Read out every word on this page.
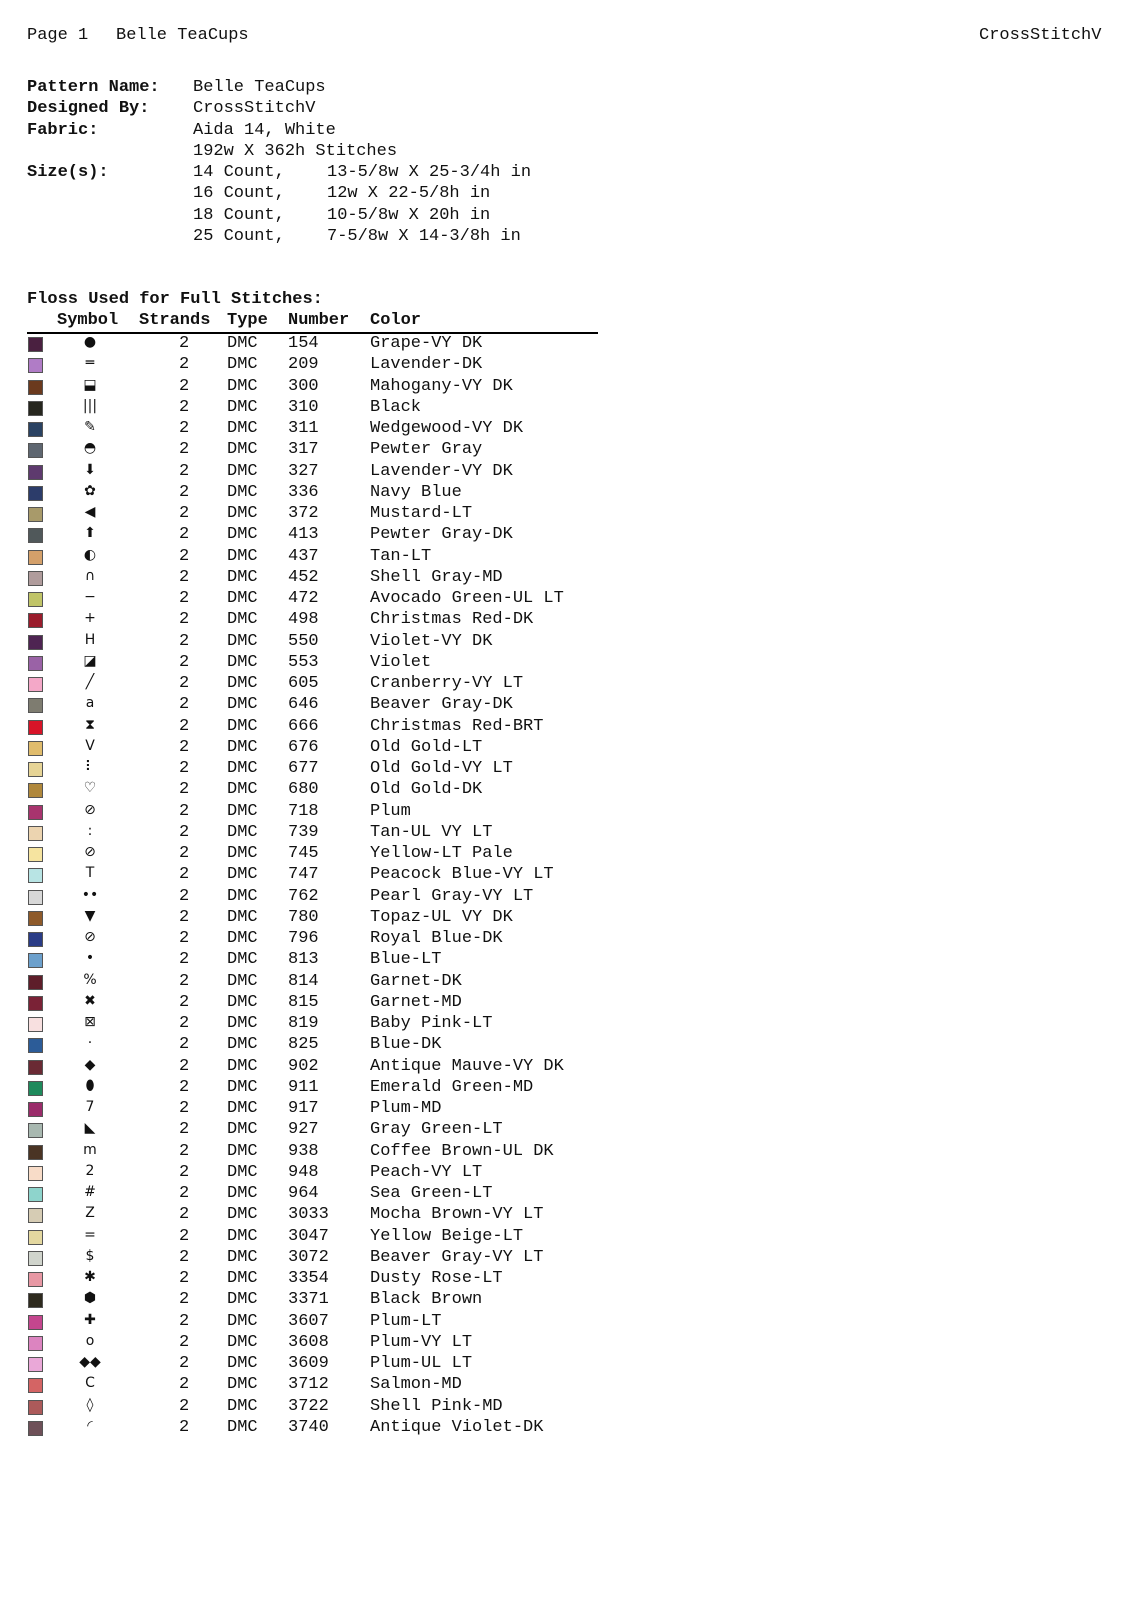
Page 1 Belle TeaCups	CrossStitchV
Pattern Name:	Belle TeaCups
Designed By:	CrossStitchV
Fabric:	Aida 14, White
192w X 362h Stitches
Size(s):	14 Count, 13-5/8w X 25-3/4h in
16 Count, 12w X 22-5/8h in
18 Count, 10-5/8w X 20h in
25 Count, 7-5/8w X 14-3/8h in
Floss Used for Full Stitches:
Symbol Strands Type Number Color
●	2 DMC 154	Grape-VY DK
═	2 DMC 209	Lavender-DK
⬓	2 DMC 300	Mahogany-VY DK
|||	2 DMC 310	Black
✎	2 DMC 311	Wedgewood-VY DK
◓	2 DMC 317	Pewter Gray
⬇	2 DMC 327	Lavender-VY DK
✿	2 DMC 336	Navy Blue
◀	2 DMC 372	Mustard-LT
⬆	2 DMC 413	Pewter Gray-DK
◐	2 DMC 437	Tan-LT
∩	2 DMC 452	Shell Gray-MD
−	2 DMC 472	Avocado Green-UL LT
+	2 DMC 498	Christmas Red-DK
H	2 DMC 550	Violet-VY DK
◪	2 DMC 553	Violet
╱	2 DMC 605	Cranberry-VY LT
a	2 DMC 646	Beaver Gray-DK
⧗	2 DMC 666	Christmas Red-BRT
V	2 DMC 676	Old Gold-LT
⠇	2 DMC 677	Old Gold-VY LT
♡	2 DMC 680	Old Gold-DK
⊘	2 DMC 718	Plum
:	2 DMC 739	Tan-UL VY LT
⊘	2 DMC 745	Yellow-LT Pale
T	2 DMC 747	Peacock Blue-VY LT
••	2 DMC 762	Pearl Gray-VY LT
▼	2 DMC 780	Topaz-UL VY DK
⊘	2 DMC 796	Royal Blue-DK
•	2 DMC 813	Blue-LT
%	2 DMC 814	Garnet-DK
✖	2 DMC 815	Garnet-MD
⊠	2 DMC 819	Baby Pink-LT
·	2 DMC 825	Blue-DK
◆	2 DMC 902	Antique Mauve-VY DK
⬮	2 DMC 911	Emerald Green-MD
7	2 DMC 917	Plum-MD
◣	2 DMC 927	Gray Green-LT
m	2 DMC 938	Coffee Brown-UL DK
2	2 DMC 948	Peach-VY LT
#	2 DMC 964	Sea Green-LT
Z	2 DMC 3033 Mocha Brown-VY LT
=	2 DMC 3047 Yellow Beige-LT
$	2 DMC 3072 Beaver Gray-VY LT
✱	2 DMC 3354 Dusty Rose-LT
⬢	2 DMC 3371 Black Brown
✚	2 DMC 3607 Plum-LT
o	2 DMC 3608 Plum-VY LT
◆◆	2 DMC 3609 Plum-UL LT
C	2 DMC 3712 Salmon-MD
◊	2 DMC 3722 Shell Pink-MD
◜	2 DMC 3740 Antique Violet-DK
